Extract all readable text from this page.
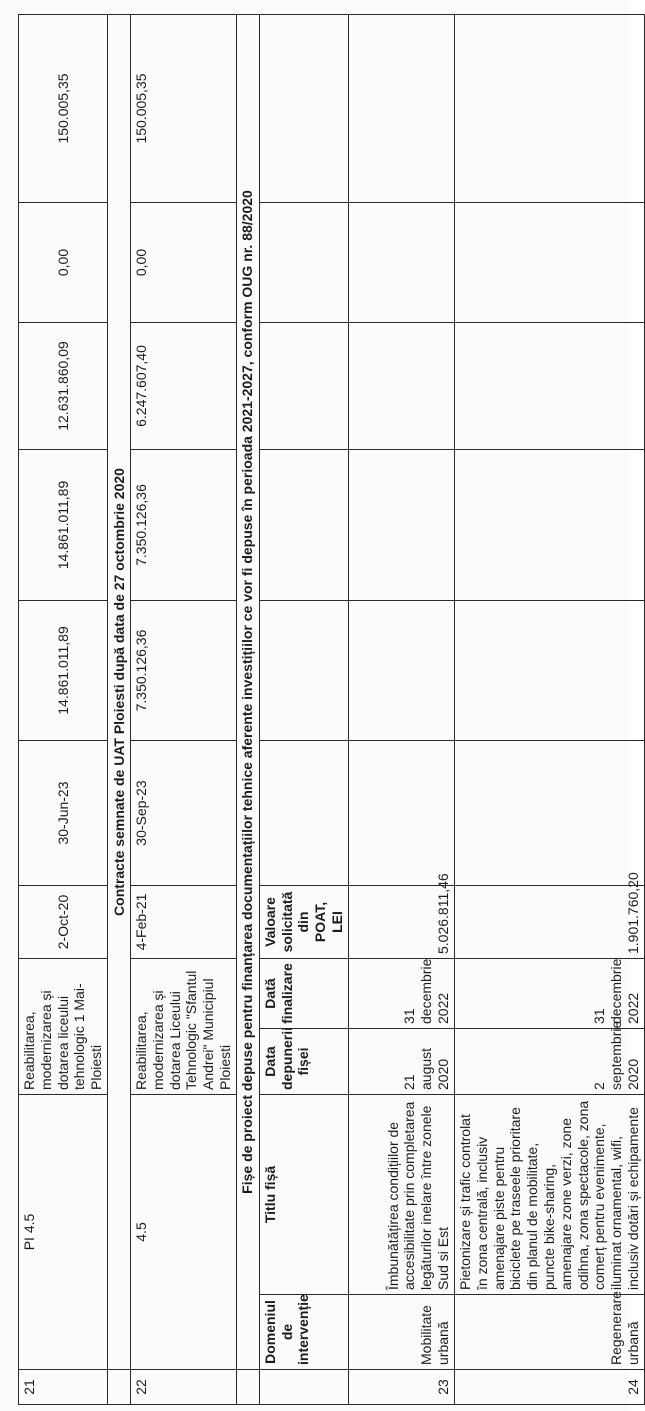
21	PI 4.5		Reabilitarea, modernizarea și dotarea liceului tehnologic 1 Mai- Ploiesti		2-Oct-20	30-Jun-23	14.861.011,89	14.861.011,89	12.631.860,09	0,00	150.005,35
	Contracte semnate de UAT Ploiesti după data de 27 octombrie 2020										
22	4.5		Reabilitarea, modernizarea și dotarea Liceului Tehnologic "Sfantul Andrei" Municipiul Ploiesti		4-Feb-21	30-Sep-23	7.350.126,36	7.350.126,36	6.247.607,40	0,00	150.005,35
	Fișe de proiect depuse pentru finanțarea documentațiilor tehnice aferente investițiilor ce vor fi depuse în perioada 2021-2027, conform OUG nr. 88/2020										
	Domeniul de intervenție	Titlu fișă	Data depunerii fișei	Dată finalizare	Valoare solicitată din POAT, LEI						
23	Mobilitate urbană	Îmbunătățirea condițiilor de accesibilitate prin completarea legăturilor inelare între zonele Sud si Est	21 august 2020	31 decembrie 2022	5.026.811,46						
24	Regenerare urbană	Pietonizare și trafic controlat în zona centrală, inclusiv amenajare piste pentru biciclete pe traseele prioritare din planul de mobilitate, puncte bike-sharing, amenajare zone verzi, zone odihna, zona spectacole, zona comerț pentru evenimente, iluminat ornamental, wifi, inclusiv dotări și echipamente	2 septembrie 2020	31 decembrie 2022	1.901.760,20						
